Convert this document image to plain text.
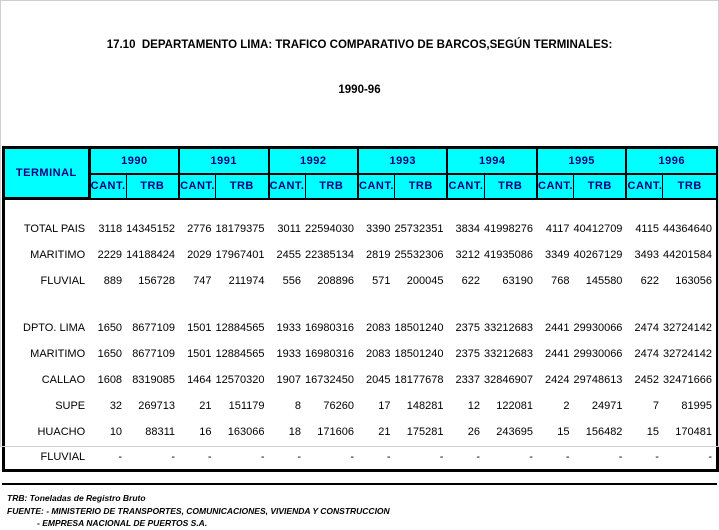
17.10  DEPARTAMENTO LIMA: TRAFICO COMPARATIVO DE BARCOS,SEGÚN TERMINALES:

1990-96

TERMINAL	1990		1991		1992		1993		1994		1995		1996	
	CANT.	TRB	CANT.	TRB	CANT.	TRB	CANT.	TRB	CANT.	TRB	CANT.	TRB	CANT.	TRB

TOTAL PAIS	3118	14345152	2776	18179375	3011	22594030	3390	25732351	3834	41998276	4117	40412709	4115	44364640
MARITIMO	2229	14188424	2029	17967401	2455	22385134	2819	25532306	3212	41935086	3349	40267129	3493	44201584
FLUVIAL	889	156728	747	211974	556	208896	571	200045	622	63190	768	145580	622	163056

DPTO. LIMA	1650	8677109	1501	12884565	1933	16980316	2083	18501240	2375	33212683	2441	29930066	2474	32724142
MARITIMO	1650	8677109	1501	12884565	1933	16980316	2083	18501240	2375	33212683	2441	29930066	2474	32724142
CALLAO	1608	8319085	1464	12570320	1907	16732450	2045	18177678	2337	32846907	2424	29748613	2452	32471666
SUPE	32	269713	21	151179	8	76260	17	148281	12	122081	2	24971	7	81995
HUACHO	10	88311	16	163066	18	171606	21	175281	26	243695	15	156482	15	170481
FLUVIAL	-	-	-	-	-	-	-	-	-	-	-	-	-	-
TRB: Toneladas de Registro Bruto
FUENTE: - MINISTERIO DE TRANSPORTES, COMUNICACIONES, VIVIENDA Y CONSTRUCCION
- EMPRESA NACIONAL DE PUERTOS S.A.
